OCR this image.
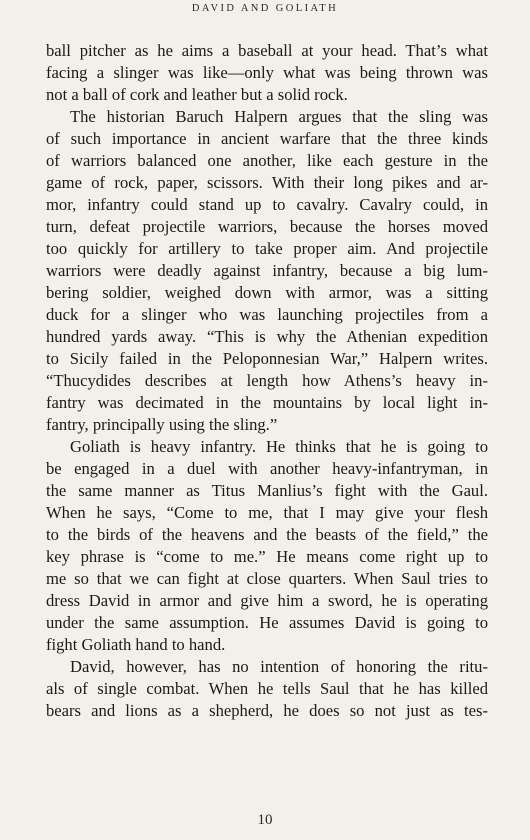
DAVID AND GOLIATH
ball pitcher as he aims a baseball at your head. That’s what
facing a slinger was like—only what was being thrown was
not a ball of cork and leather but a solid rock.
The historian Baruch Halpern argues that the sling was
of such importance in ancient warfare that the three kinds
of warriors balanced one another, like each gesture in the
game of rock, paper, scissors. With their long pikes and ar-
mor, infantry could stand up to cavalry. Cavalry could, in
turn, defeat projectile warriors, because the horses moved
too quickly for artillery to take proper aim. And projectile
warriors were deadly against infantry, because a big lum-
bering soldier, weighed down with armor, was a sitting
duck for a slinger who was launching projectiles from a
hundred yards away. “This is why the Athenian expedition
to Sicily failed in the Peloponnesian War,” Halpern writes.
“Thucydides describes at length how Athens’s heavy in-
fantry was decimated in the mountains by local light in-
fantry, principally using the sling.”
Goliath is heavy infantry. He thinks that he is going to
be engaged in a duel with another heavy-infantryman, in
the same manner as Titus Manlius’s fight with the Gaul.
When he says, “Come to me, that I may give your flesh
to the birds of the heavens and the beasts of the field,” the
key phrase is “come to me.” He means come right up to
me so that we can fight at close quarters. When Saul tries to
dress David in armor and give him a sword, he is operating
under the same assumption. He assumes David is going to
fight Goliath hand to hand.
David, however, has no intention of honoring the ritu-
als of single combat. When he tells Saul that he has killed
bears and lions as a shepherd, he does so not just as tes-
10
